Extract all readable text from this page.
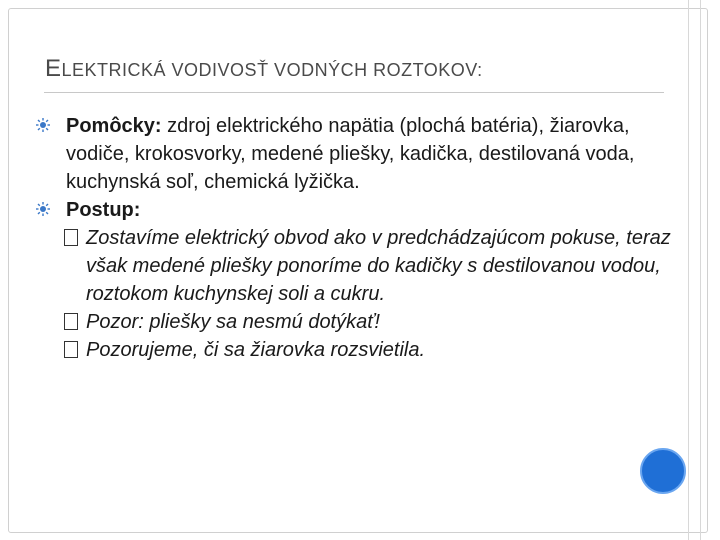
ELEKTRICKÁ VODIVOSŤ VODNÝCH ROZTOKOV:

Pomôcky: zdroj elektrického napätia (plochá batéria), žiarovka, vodiče, krokosvorky, medené pliešky, kadička, destilovaná voda, kuchynská soľ, chemická lyžička.

Postup:

Zostavíme elektrický obvod ako v predchádzajúcom pokuse, teraz však medené pliešky ponoríme do kadičky s destilovanou vodou, roztokom kuchynskej soli a cukru.

Pozor: pliešky sa nesmú dotýkať!

Pozorujeme, či sa žiarovka rozsvietila.
